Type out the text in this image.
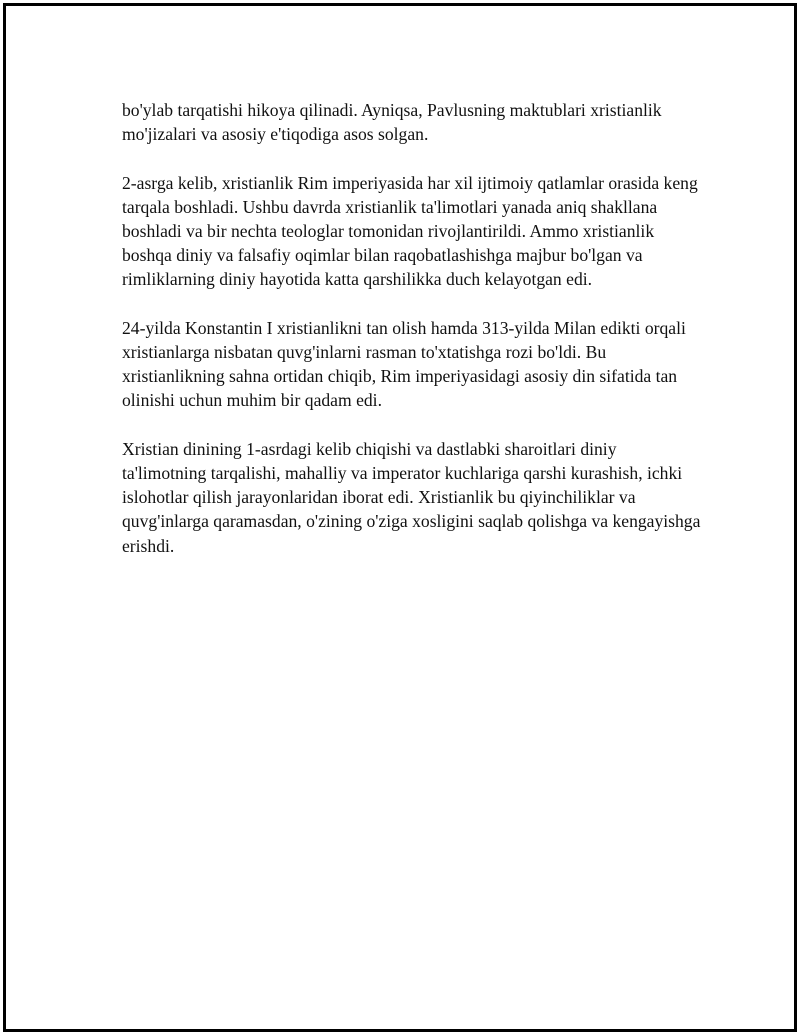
bo'ylab tarqatishi hikoya qilinadi. Ayniqsa, Pavlusning maktublari xristianlik mo'jizalari va asosiy e'tiqodiga asos solgan.

2-asrga kelib, xristianlik Rim imperiyasida har xil ijtimoiy qatlamlar orasida keng tarqala boshladi. Ushbu davrda xristianlik ta'limotlari yanada aniq shakllana boshladi va bir nechta teologlar tomonidan rivojlantirildi. Ammo xristianlik boshqa diniy va falsafiy oqimlar bilan raqobatlashishga majbur bo'lgan va rimliklarning diniy hayotida katta qarshilikka duch kelayotgan edi.

24-yilda Konstantin I xristianlikni tan olish hamda 313-yilda Milan edikti orqali xristianlarga nisbatan quvg'inlarni rasman to'xtatishga rozi bo'ldi. Bu xristianlikning sahna ortidan chiqib, Rim imperiyasidagi asosiy din sifatida tan olinishi uchun muhim bir qadam edi.

Xristian dinining 1-asrdagi kelib chiqishi va dastlabki sharoitlari diniy ta'limotning tarqalishi, mahalliy va imperator kuchlariga qarshi kurashish, ichki islohotlar qilish jarayonlaridan iborat edi. Xristianlik bu qiyinchiliklar va quvg'inlarga qaramasdan, o'zining o'ziga xosligini saqlab qolishga va kengayishga erishdi.
